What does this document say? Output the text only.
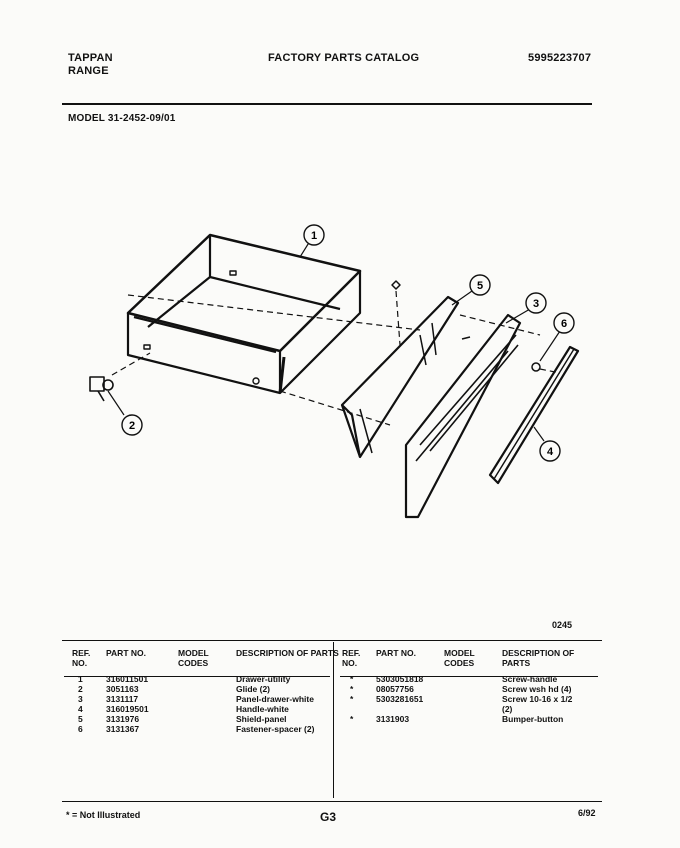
TAPPAN
RANGE
FACTORY PARTS CATALOG	5995223707
MODEL 31-2452-09/01
1
2
3
4
5
6
0245
REF. NO.	PART NO.	MODEL CODES	DESCRIPTION OF PARTS
1	316011501		Drawer-utility
2	3051163		Glide (2)
3	3131117		Panel-drawer-white
4	316019501		Handle-white
5	3131976		Shield-panel
6	3131367		Fastener-spacer (2)
REF. NO.	PART NO.	MODEL CODES	DESCRIPTION OF PARTS
*	5303051818		Screw-handle
*	08057756		Screw wsh hd (4)
*	5303281651		Screw 10-16 x 1/2
			(2)
*	3131903		Bumper-button
* = Not Illustrated	G3	6/92
